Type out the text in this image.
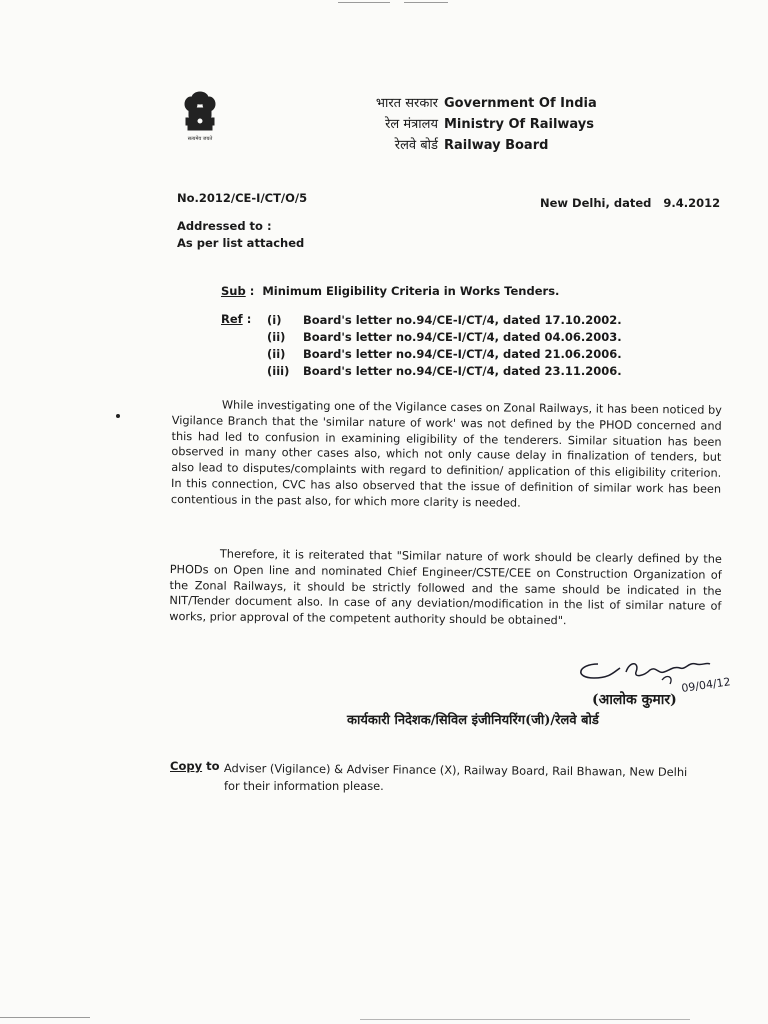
सत्यमेव जयते
भारत सरकार Government Of India
रेल मंत्रालय Ministry Of Railways
रेलवे बोर्ड Railway Board
No.2012/CE-I/CT/O/5	New Delhi, dated 9.4.2012
Addressed to :
As per list attached
Sub : Minimum Eligibility Criteria in Works Tenders.
Ref : (i) Board's letter no.94/CE-I/CT/4, dated 17.10.2002.
(ii) Board's letter no.94/CE-I/CT/4, dated 04.06.2003.
(ii) Board's letter no.94/CE-I/CT/4, dated 21.06.2006.
(iii) Board's letter no.94/CE-I/CT/4, dated 23.11.2006.
While investigating one of the Vigilance cases on Zonal Railways, it has been noticed by Vigilance Branch that the 'similar nature of work' was not defined by the PHOD concerned and this had led to confusion in examining eligibility of the tenderers. Similar situation has been observed in many other cases also, which not only cause delay in finalization of tenders, but also lead to disputes/complaints with regard to definition/ application of this eligibility criterion. In this connection, CVC has also observed that the issue of definition of similar work has been contentious in the past also, for which more clarity is needed.
Therefore, it is reiterated that "Similar nature of work should be clearly defined by the PHODs on Open line and nominated Chief Engineer/CSTE/CEE on Construction Organization of the Zonal Railways, it should be strictly followed and the same should be indicated in the NIT/Tender document also. In case of any deviation/modification in the list of similar nature of works, prior approval of the competent authority should be obtained".
09/04/12
(आलोक कुमार)
कार्यकारी निदेशक/सिविल इंजीनियरिंग(जी)/रेलवे बोर्ड
Copy to Adviser (Vigilance) & Adviser Finance (X), Railway Board, Rail Bhawan, New Delhi
for their information please.
